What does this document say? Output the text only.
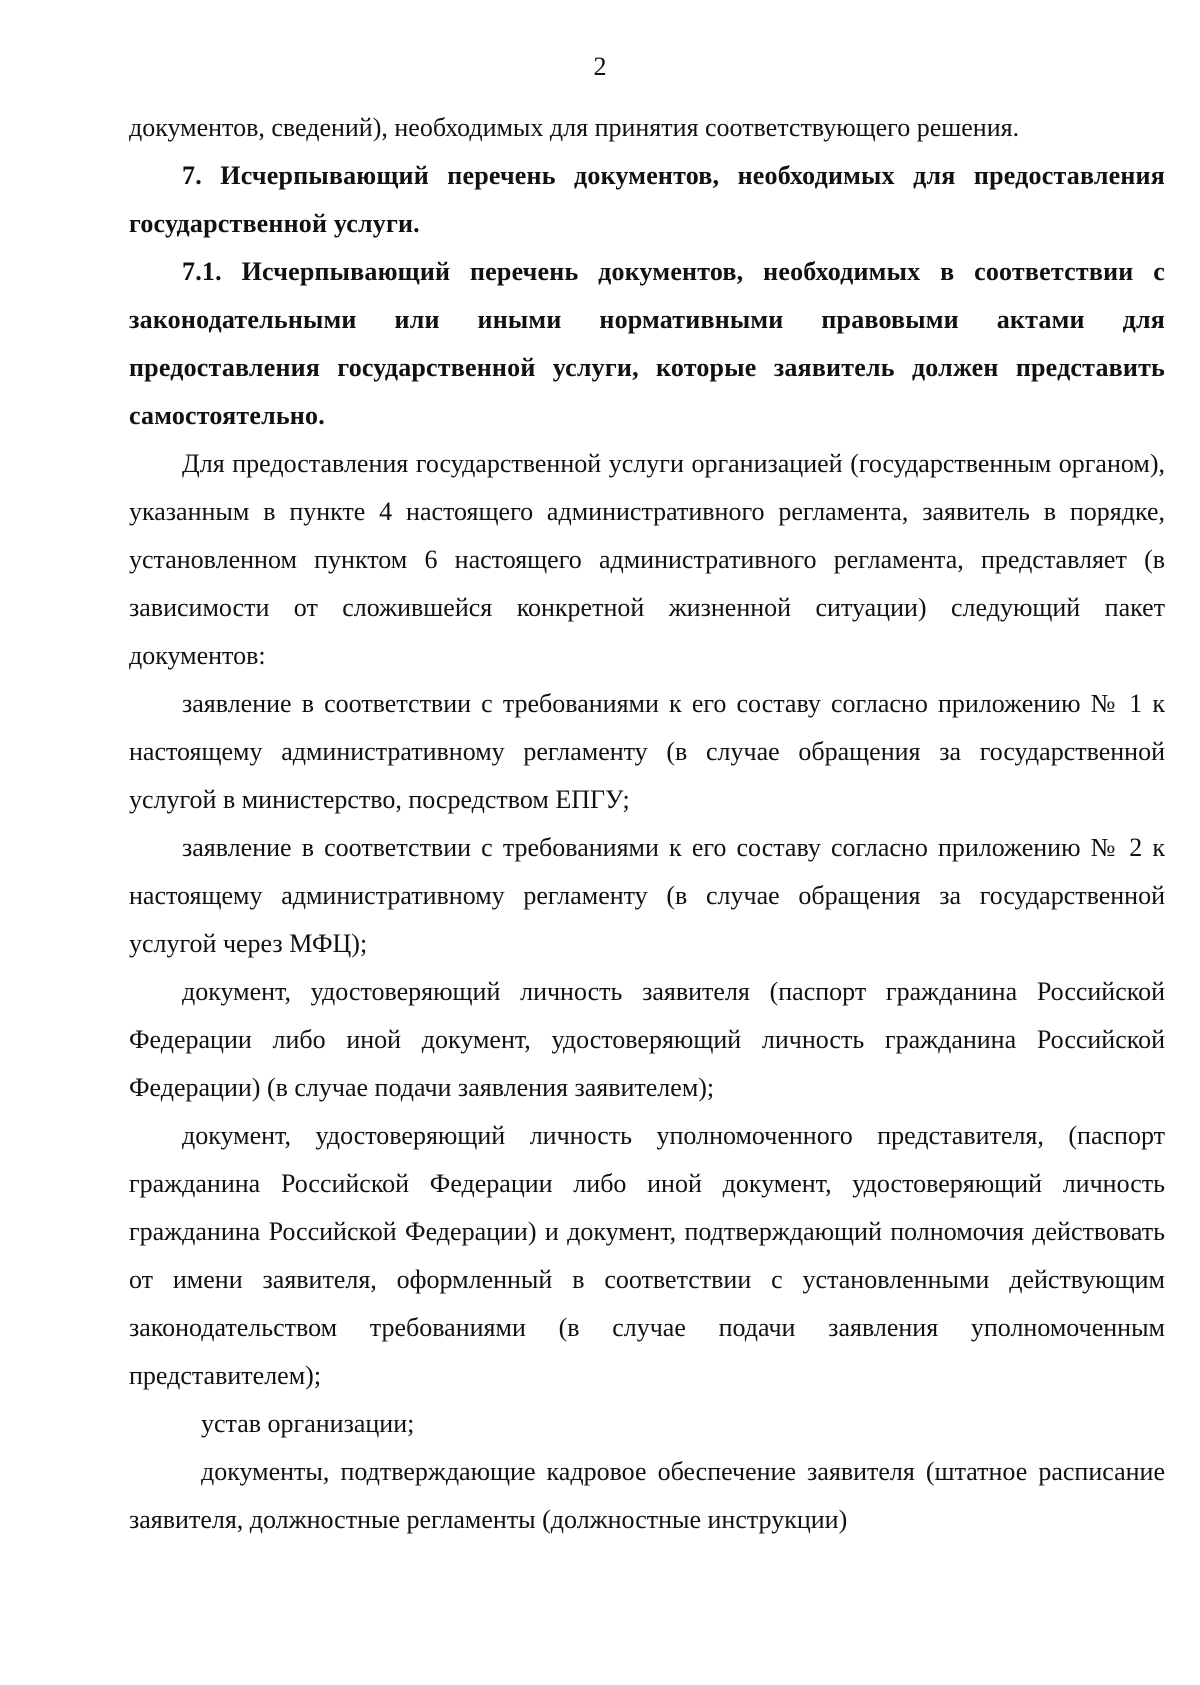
2

документов, сведений), необходимых для принятия соответствующего решения.

7. Исчерпывающий перечень документов, необходимых для предоставления государственной услуги.

7.1. Исчерпывающий перечень документов, необходимых в соответствии с законодательными или иными нормативными правовыми актами для предоставления государственной услуги, которые заявитель должен представить самостоятельно.

Для предоставления государственной услуги организацией (государственным органом), указанным в пункте 4 настоящего административного регламента, заявитель в порядке, установленном пунктом 6 настоящего административного регламента, представляет (в зависимости от сложившейся конкретной жизненной ситуации) следующий пакет документов:

заявление в соответствии с требованиями к его составу согласно приложению № 1 к настоящему административному регламенту (в случае обращения за государственной услугой в министерство, посредством ЕПГУ;

заявление в соответствии с требованиями к его составу согласно приложению № 2 к настоящему административному регламенту (в случае обращения за государственной услугой через МФЦ);

документ, удостоверяющий личность заявителя (паспорт гражданина Российской Федерации либо иной документ, удостоверяющий личность гражданина Российской Федерации) (в случае подачи заявления заявителем);

документ, удостоверяющий личность уполномоченного представителя, (паспорт гражданина Российской Федерации либо иной документ, удостоверяющий личность гражданина Российской Федерации) и документ, подтверждающий полномочия действовать от имени заявителя, оформленный в соответствии с установленными действующим законодательством требованиями (в случае подачи заявления уполномоченным представителем);

устав организации;

документы, подтверждающие кадровое обеспечение заявителя (штатное расписание заявителя, должностные регламенты (должностные инструкции)
